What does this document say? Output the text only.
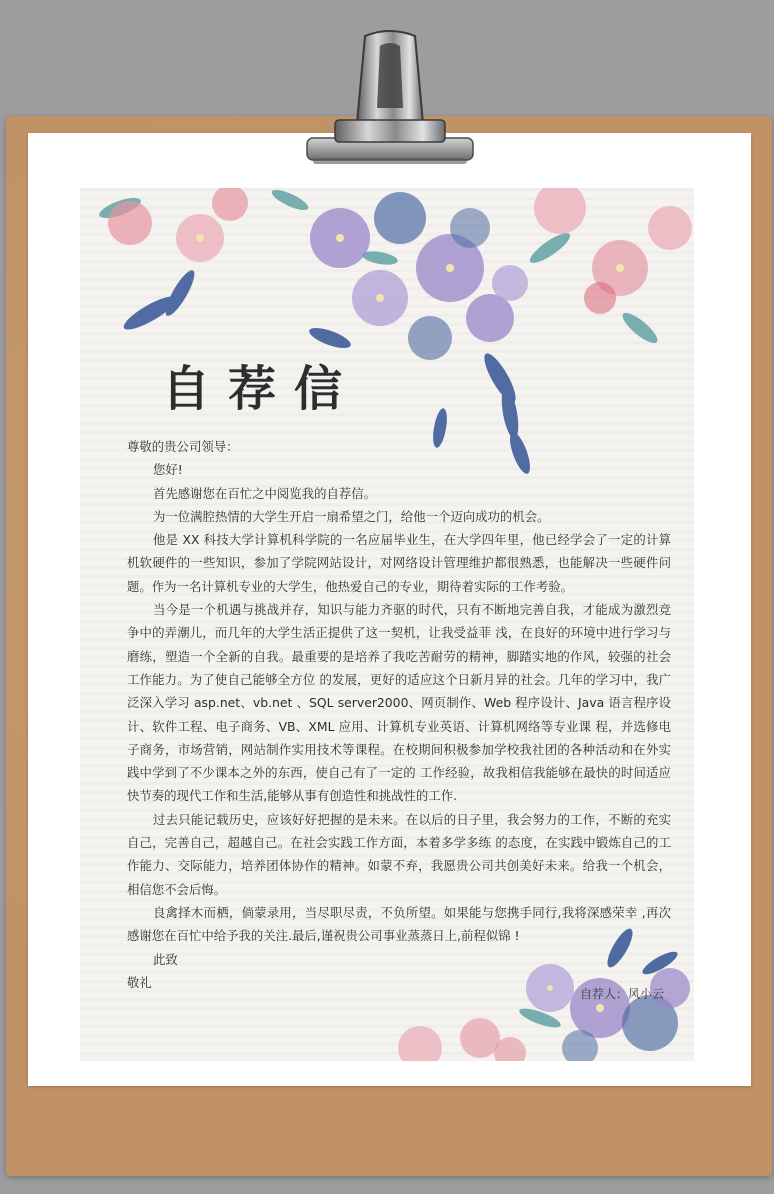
自荐信
尊敬的贵公司领导：
您好!
首先感谢您在百忙之中阅览我的自荐信。
为一位满腔热情的大学生开启一扇希望之门，给他一个迈向成功的机会。
他是 XX 科技大学计算机科学院的一名应届毕业生，在大学四年里，他已经学会了一定的计算机软硬件的一些知识，参加了学院网站设计，对网络设计管理维护都很熟悉，也能解决一些硬件问题。作为一名计算机专业的大学生，他热爱自己的专业，期待着实际的工作考验。
当今是一个机遇与挑战并存，知识与能力齐驱的时代，只有不断地完善自我，才能成为激烈竞争中的弄潮儿，而几年的大学生活正提供了这一契机，让我受益菲 浅，在良好的环境中进行学习与磨练，塑造一个全新的自我。最重要的是培养了我吃苦耐劳的精神，脚踏实地的作风，较强的社会工作能力。为了使自己能够全方位 的发展，更好的适应这个日新月异的社会。几年的学习中，我广泛深入学习 asp.net、vb.net 、SQL server2000、网页制作、Web 程序设计、Java 语言程序设计、软件工程、电子商务、VB、XML 应用、计算机专业英语、计算机网络等专业课 程，并选修电子商务，市场营销，网站制作实用技术等课程。在校期间积极参加学校我社团的各种活动和在外实践中学到了不少课本之外的东西，使自己有了一定的 工作经验，故我相信我能够在最快的时间适应快节奏的现代工作和生活,能够从事有创造性和挑战性的工作.
过去只能记载历史，应该好好把握的是未来。在以后的日子里，我会努力的工作，不断的充实自己，完善自己，超越自己。在社会实践工作方面，本着多学多练 的态度，在实践中锻炼自己的工作能力、交际能力，培养团体协作的精神。如蒙不弃，我愿贵公司共创美好未来。给我一个机会，相信您不会后悔。
良禽择木而栖，倘蒙录用，当尽职尽责，不负所望。如果能与您携手同行,我将深感荣幸 ,再次感谢您在百忙中给予我的关注.最后,谨祝贵公司事业蒸蒸日上,前程似锦 !
此致
敬礼
自荐人：风小云
